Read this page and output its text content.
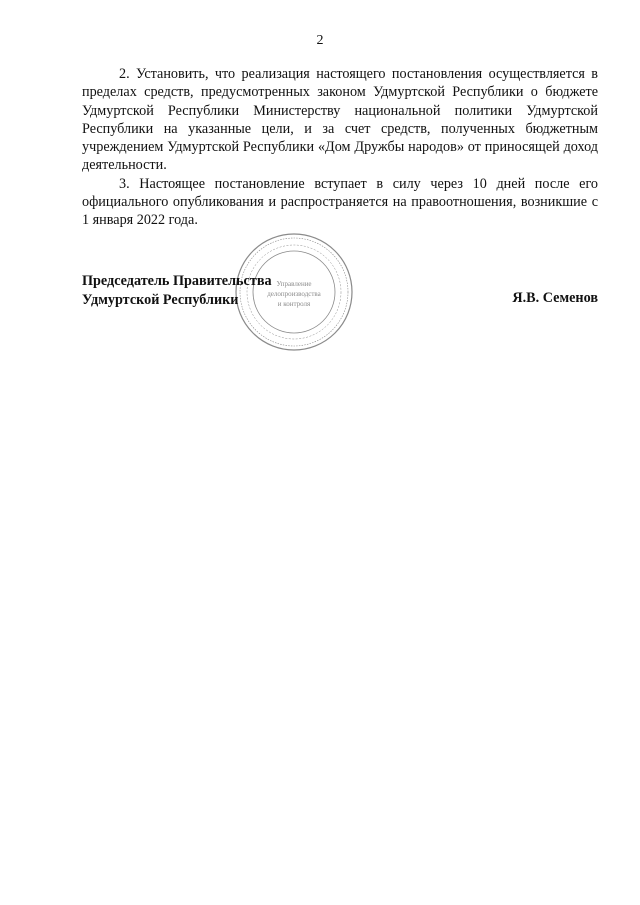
2

2. Установить, что реализация настоящего постановления осуществляется в пределах средств, предусмотренных законом Удмуртской Республики о бюджете Удмуртской Республики Министерству национальной политики Удмуртской Республики на указанные цели, и за счет средств, полученных бюджетным учреждением Удмуртской Республики «Дом Дружбы народов» от приносящей доход деятельности.

3. Настоящее постановление вступает в силу через 10 дней после его официального опубликования и распространяется на правоотношения, возникшие с 1 января 2022 года.

Управление
делопроизводства
и контроля
Председатель Правительства
Удмуртской Республики	Я.В. Семенов
